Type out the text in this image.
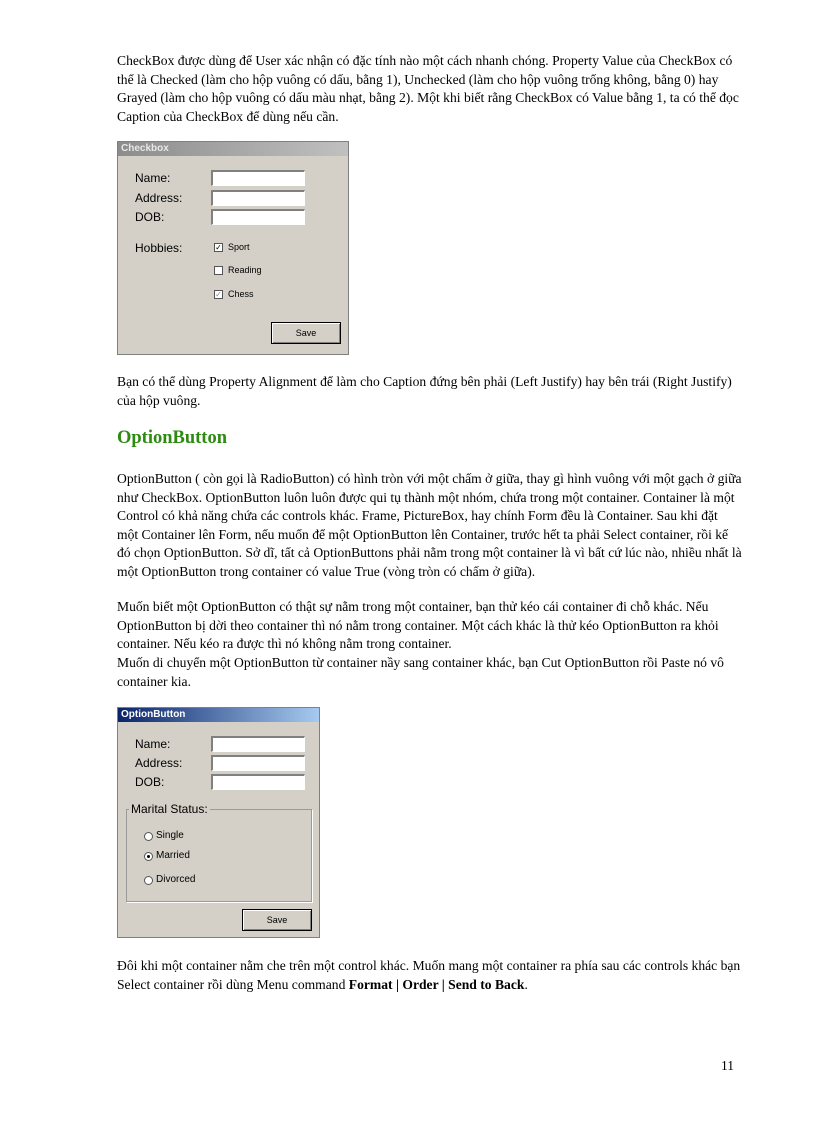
CheckBox được dùng để User xác nhận có đặc tính nào một cách nhanh chóng. Property Value của CheckBox có thể là Checked (làm cho hộp vuông có dấu, bằng 1), Unchecked (làm cho hộp vuông trống không, bằng 0) hay Grayed (làm cho hộp vuông có dấu màu nhạt, bằng 2). Một khi biết rằng CheckBox có Value bằng 1, ta có thể đọc Caption của CheckBox để dùng nếu cần.

Checkbox
Name:
Address:
DOB:
Hobbies:	✓ Sport
Reading
✓ Chess
Save

Bạn có thể dùng Property Alignment để làm cho Caption đứng bên phải (Left Justify) hay bên trái (Right Justify) của hộp vuông.

OptionButton

OptionButton ( còn gọi là RadioButton) có hình tròn với một chấm ở giữa, thay gì hình vuông với một gạch ở giữa như CheckBox. OptionButton luôn luôn được qui tụ thành một nhóm, chứa trong một container. Container là một Control có khả năng chứa các controls khác. Frame, PictureBox, hay chính Form đều là Container. Sau khi đặt một Container lên Form, nếu muốn để một OptionButton lên Container, trước hết ta phải Select container, rồi kế đó chọn OptionButton. Sở dĩ, tất cả OptionButtons phải nằm trong một container là vì bất cứ lúc nào, nhiều nhất là một OptionButton trong container có value True (vòng tròn có chấm ở giữa).

Muốn biết một OptionButton có thật sự nằm trong một container, bạn thử kéo cái container đi chỗ khác. Nếu OptionButton bị dời theo container thì nó nằm trong container. Một cách khác là thử kéo OptionButton ra khỏi container. Nếu kéo ra được thì nó không nằm trong container.

Muốn di chuyển một OptionButton từ container nầy sang container khác, bạn Cut OptionButton rồi Paste nó vô container kia.

OptionButton
Name:
Address:
DOB:
Marital Status:
Single
Married
Divorced
Save

Đôi khi một container nằm che trên một control khác. Muốn mang một container ra phía sau các controls khác bạn Select container rồi dùng Menu command Format | Order | Send to Back.

11
